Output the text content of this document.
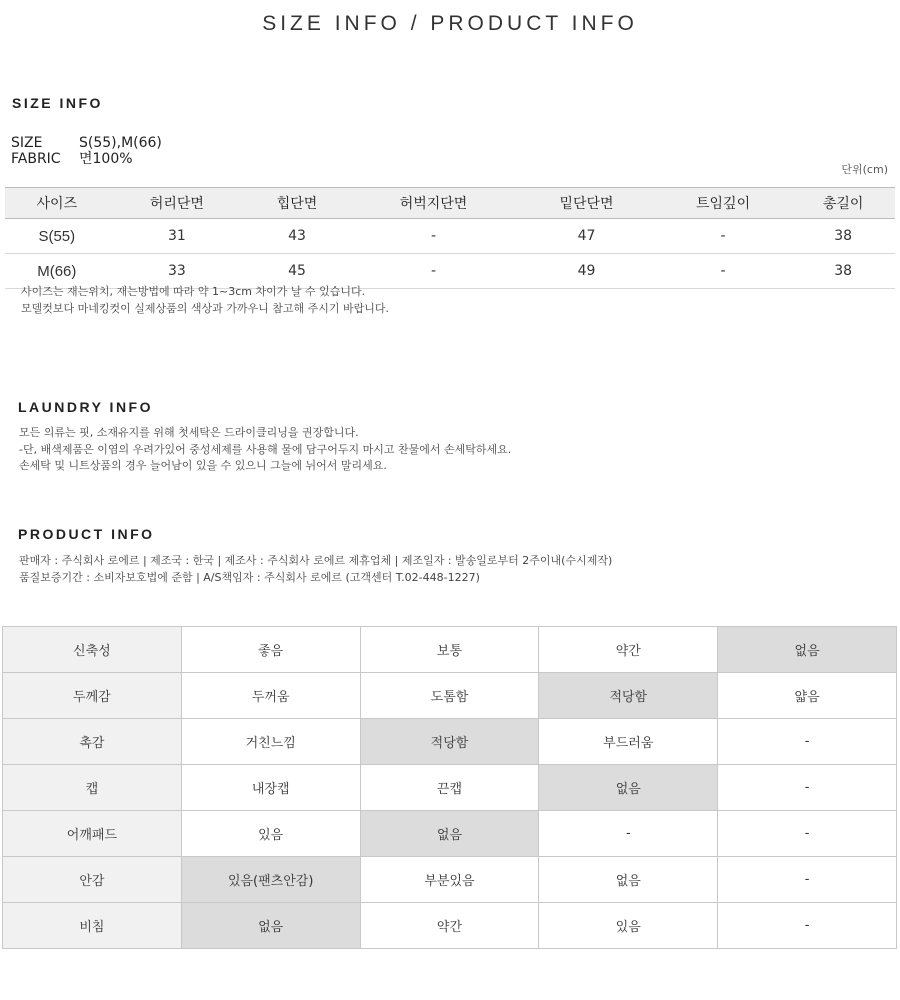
SIZE INFO / PRODUCT INFO
SIZE INFO
SIZE	S(55),M(66)
FABRIC 면100%
단위(cm)
사이즈	허리단면	힙단면	허벅지단면	밑단단면	트임깊이	총길이
S(55)	31	43	-	47	-	38
M(66)	33	45	-	49	-	38
사이즈는 재는위치, 재는방법에 따라 약 1~3cm 차이가 날 수 있습니다.
모델컷보다 마네킹컷이 실제상품의 색상과 가까우니 참고해 주시기 바랍니다.
LAUNDRY INFO
모든 의류는 핏, 소재유지를 위해 첫세탁은 드라이클리닝을 권장합니다.
-단, 배색제품은 이염의 우려가있어 중성세제를 사용해 물에 담구어두지 마시고 찬물에서 손세탁하세요.
손세탁 및 니트상품의 경우 늘어남이 있을 수 있으니 그늘에 뉘어서 말리세요.
PRODUCT INFO
판매자 : 주식회사 로에르 | 제조국 : 한국 | 제조사 : 주식회사 로에르 제휴업체 | 제조일자 : 발송일로부터 2주이내(수시제작)
품질보증기간 : 소비자보호법에 준함 | A/S책임자 : 주식회사 로에르 (고객센터 T.02-448-1227)
신축성	좋음	보통	약간	없음
두께감	두꺼움	도톰함	적당함	얇음
촉감	거친느낌	적당함	부드러움	-
캡	내장캡	끈캡	없음	-
어깨패드	있음	없음	-	-
안감	있음(팬츠안감)	부분있음	없음	-
비침	없음	약간	있음	-
